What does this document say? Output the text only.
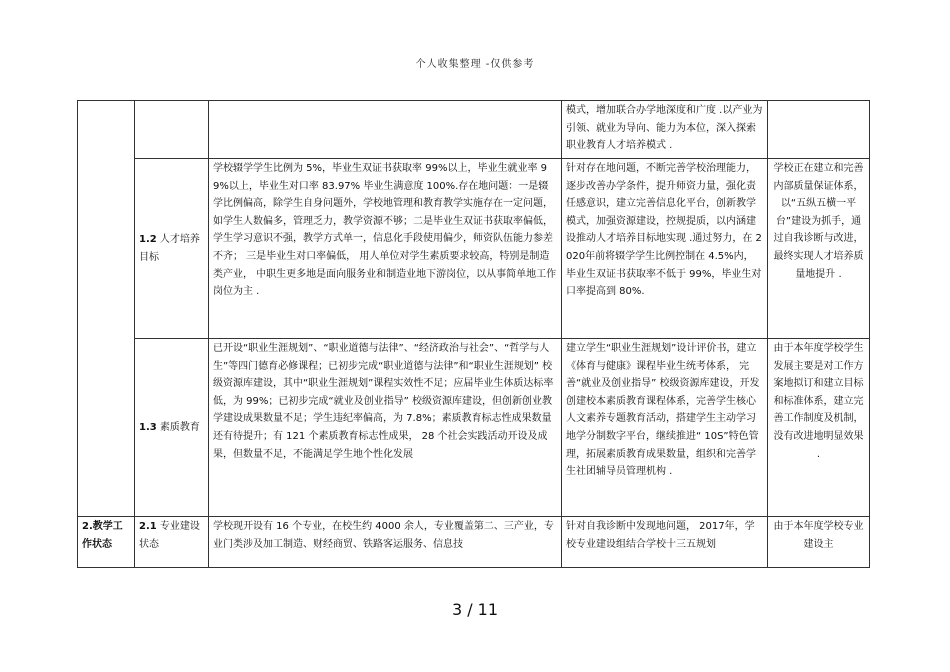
个人收集整理 -仅供参考
			模式，增加联合办学地深度和广度 .以产业为引领、就业为导向、能力为本位，深入探索职业教育人才培养模式 .	
	1.2 人才培养目标	学校辍学学生比例为 5%，毕业生双证书获取率 99%以上，毕业生就业率 99%以上，毕业生对口率 83.97% 毕业生满意度 100%.存在地问题：一是辍学比例偏高，除学生自身问题外，学校地管理和教育教学实施存在一定问题， 如学生人数偏多，管理乏力，教学资源不够；二是毕业生双证书获取率偏低，学生学习意识不强，教学方式单一，信息化手段使用偏少，师资队伍能力参差不齐； 三是毕业生对口率偏低， 用人单位对学生素质要求较高，特别是制造类产业， 中职生更多地是面向服务业和制造业地下游岗位，以从事简单地工作岗位为主 .	针对存在地问题，不断完善学校治理能力，逐步改善办学条件，提升师资力量，强化责任感意识，建立完善信息化平台，创新教学模式，加强资源建设，控规提质，以内涵建设推动人才培养目标地实现 .通过努力，在 2020年前将辍学学生比例控制在 4.5%内，毕业生双证书获取率不低于 99%，毕业生对口率提高到 80%.	学校正在建立和完善内部质量保证体系， 以“五纵五横一平台”建设为抓手，通过自我诊断与改进， 最终实现人才培养质量地提升 .
	1.3 素质教育	已开设“职业生涯规划”、“职业道德与法律”、“经济政治与社会”、“哲学与人生”等四门德育必修课程；已初步完成“职业道德与法律”和“职业生涯规划” 校级资源库建设，其中“职业生涯规划”课程实效性不足；应届毕业生体质达标率低，为 99%；已初步完成“就业及创业指导” 校级资源库建设，但创新创业教学建设成果数量不足；学生违纪率偏高，为 7.8%；素质教育标志性成果数量还有待提升；有 121 个素质教育标志性成果， 28 个社会实践活动开设及成果，但数量不足，不能满足学生地个性化发展	建立学生“职业生涯规划”设计评价书，建立《体育与健康》课程毕业生统考体系， 完善“就业及创业指导” 校级资源库建设，开发创建校本素质教育课程体系，完善学生核心人文素养专题教育活动，搭建学生主动学习地学分制数字平台，继续推进“ 10S”特色管理，拓展素质教育成果数量，组织和完善学生社团辅导员管理机构 .	由于本年度学校学生发展主要是对工作方案地拟订和建立目标和标准体系，建立完善工作制度及机制，没有改进地明显效果 .
2.教学工作状态	2.1 专业建设状态	学校现开设有 16 个专业，在校生约 4000 余人，专业覆盖第二、三产业，专业门类涉及加工制造、财经商贸、铁路客运服务、信息技	针对自我诊断中发现地问题， 2017年，学校专业建设组结合学校十三五规划	由于本年度学校专业建设主
3 / 11
